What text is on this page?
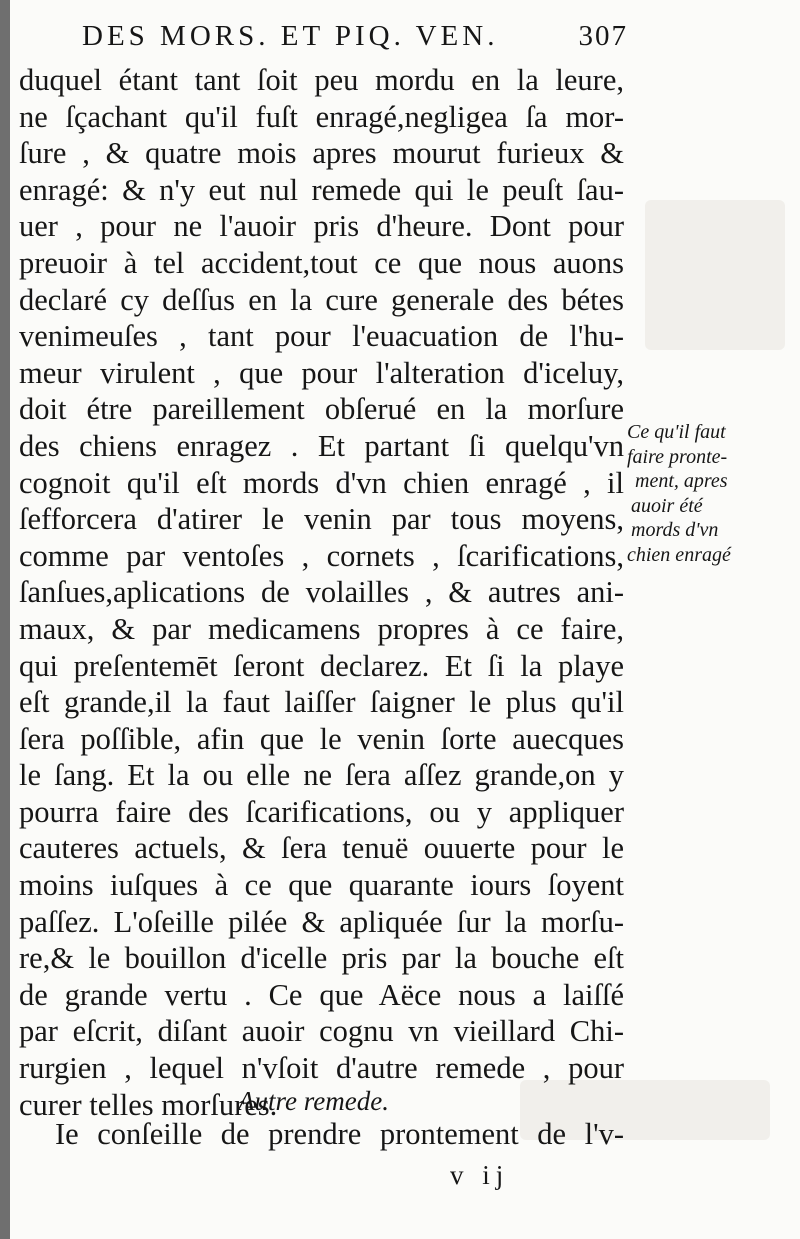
DES MORS. ET PIQ. VEN.	307
duquel étant tant ſoit peu mordu en la leure,
ne ſçachant qu'il fuſt enragé,negligea ſa mor-
ſure , & quatre mois apres mourut furieux &
enragé: & n'y eut nul remede qui le peuſt ſau-
uer , pour ne l'auoir pris d'heure. Dont pour
preuoir à tel accident,tout ce que nous auons
declaré cy deſſus en la cure generale des bétes
venimeuſes , tant pour l'euacuation de l'hu-
meur virulent , que pour l'alteration d'iceluy,
doit étre pareillement obſerué en la morſure
des chiens enragez . Et partant ſi quelqu'vn
cognoit qu'il eſt mords d'vn chien enragé , il
ſefforcera d'atirer le venin par tous moyens,
comme par ventoſes , cornets , ſcarifications,
ſanſues,aplications de volailles , & autres ani-
maux, & par medicamens propres à ce faire,
qui preſentemēt ſeront declarez. Et ſi la playe
eſt grande,il la faut laiſſer ſaigner le plus qu'il
ſera poſſible, afin que le venin ſorte auecques
le ſang. Et la ou elle ne ſera aſſez grande,on y
pourra faire des ſcarifications, ou y appliquer
cauteres actuels, & ſera tenuë ouuerte pour le
moins iuſques à ce que quarante iours ſoyent
paſſez. L'oſeille pilée & apliquée ſur la morſu-
re,& le bouillon d'icelle pris par la bouche eſt
de grande vertu . Ce que Aëce nous a laiſſé
par eſcrit, diſant auoir cognu vn vieillard Chi-
rurgien , lequel n'vſoit d'autre remede , pour
curer telles morſures.
Autre remede.
Ie conſeille de prendre prontement de l'v-
Ce qu'il faut
faire pronte-
ment, apres
auoir été
mords d'vn
chien enragé
v ij
